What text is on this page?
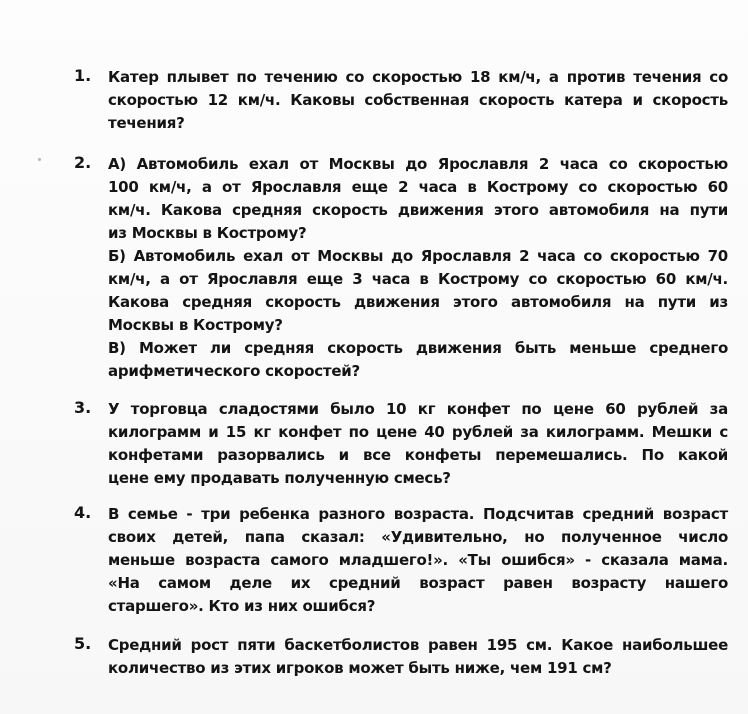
1. Катер плывет по течению со скоростью 18 км/ч, а против течения со
скоростью 12 км/ч. Каковы собственная скорость катера и скорость
течения?
2. А) Автомобиль ехал от Москвы до Ярославля 2 часа со скоростью
100 км/ч, а от Ярославля еще 2 часа в Кострому со скоростью 60
км/ч. Какова средняя скорость движения этого автомобиля на пути
из Москвы в Кострому?
Б) Автомобиль ехал от Москвы до Ярославля 2 часа со скоростью 70
км/ч, а от Ярославля еще 3 часа в Кострому со скоростью 60 км/ч.
Какова средняя скорость движения этого автомобиля на пути из
Москвы в Кострому?
В) Может ли средняя скорость движения быть меньше среднего
арифметического скоростей?
3. У торговца сладостями было 10 кг конфет по цене 60 рублей за
килограмм и 15 кг конфет по цене 40 рублей за килограмм. Мешки с
конфетами разорвались и все конфеты перемешались. По какой
цене ему продавать полученную смесь?
4. В семье - три ребенка разного возраста. Подсчитав средний возраст
своих детей, папа сказал: «Удивительно, но полученное число
меньше возраста самого младшего!». «Ты ошибся» - сказала мама.
«На самом деле их средний возраст равен возрасту нашего
старшего». Кто из них ошибся?
5. Средний рост пяти баскетболистов равен 195 см. Какое наибольшее
количество из этих игроков может быть ниже, чем 191 см?
